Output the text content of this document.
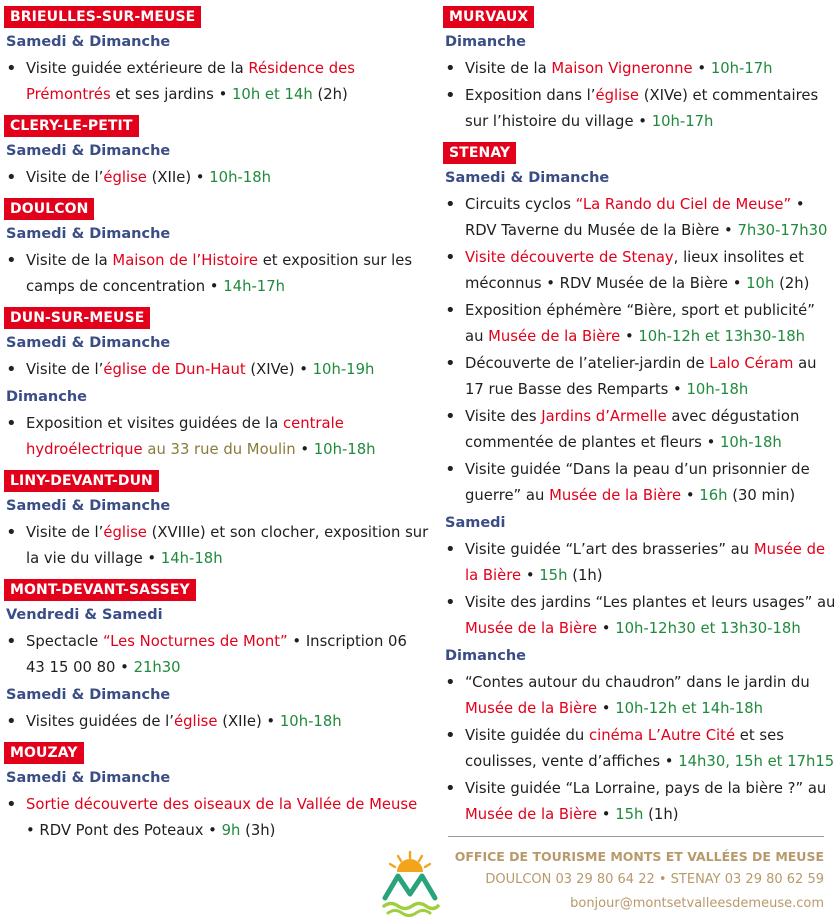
BRIEULLES-SUR-MEUSE
Samedi & Dimanche
• Visite guidée extérieure de la Résidence des Prémontrés et ses jardins • 10h et 14h (2h)
CLERY-LE-PETIT
Samedi & Dimanche
• Visite de l’église (XIIe) • 10h-18h
DOULCON
Samedi & Dimanche
• Visite de la Maison de l’Histoire et exposition sur les camps de concentration • 14h-17h
DUN-SUR-MEUSE
Samedi & Dimanche
• Visite de l’église de Dun-Haut (XIVe) • 10h-19h
Dimanche
• Exposition et visites guidées de la centrale hydroélectrique au 33 rue du Moulin • 10h-18h
LINY-DEVANT-DUN
Samedi & Dimanche
• Visite de l’église (XVIIIe) et son clocher, exposition sur la vie du village • 14h-18h
MONT-DEVANT-SASSEY
Vendredi & Samedi
• Spectacle “Les Nocturnes de Mont” • Inscription 06 43 15 00 80 • 21h30
Samedi & Dimanche
• Visites guidées de l’église (XIIe) • 10h-18h
MOUZAY
Samedi & Dimanche
• Sortie découverte des oiseaux de la Vallée de Meuse • RDV Pont des Poteaux • 9h (3h)
MURVAUX
Dimanche
• Visite de la Maison Vigneronne • 10h-17h
• Exposition dans l’église (XIVe) et commentaires sur l’histoire du village • 10h-17h
STENAY
Samedi & Dimanche
• Circuits cyclos “La Rando du Ciel de Meuse” • RDV Taverne du Musée de la Bière • 7h30-17h30
• Visite découverte de Stenay, lieux insolites et méconnus • RDV Musée de la Bière • 10h (2h)
• Exposition éphémère “Bière, sport et publicité” au Musée de la Bière • 10h-12h et 13h30-18h
• Découverte de l’atelier-jardin de Lalo Céram au 17 rue Basse des Remparts • 10h-18h
• Visite des Jardins d’Armelle avec dégustation commentée de plantes et fleurs • 10h-18h
• Visite guidée “Dans la peau d’un prisonnier de guerre” au Musée de la Bière • 16h (30 min)
Samedi
• Visite guidée “L’art des brasseries” au Musée de la Bière • 15h (1h)
• Visite des jardins “Les plantes et leurs usages” au Musée de la Bière • 10h-12h30 et 13h30-18h
Dimanche
• “Contes autour du chaudron” dans le jardin du Musée de la Bière • 10h-12h et 14h-18h
• Visite guidée du cinéma L’Autre Cité et ses coulisses, vente d’affiches • 14h30, 15h et 17h15
• Visite guidée “La Lorraine, pays de la bière ?” au Musée de la Bière • 15h (1h)
OFFICE DE TOURISME MONTS ET VALLÉES DE MEUSE
DOULCON 03 29 80 64 22 • STENAY 03 29 80 62 59
bonjour@montsetvalleesdemeuse.com
